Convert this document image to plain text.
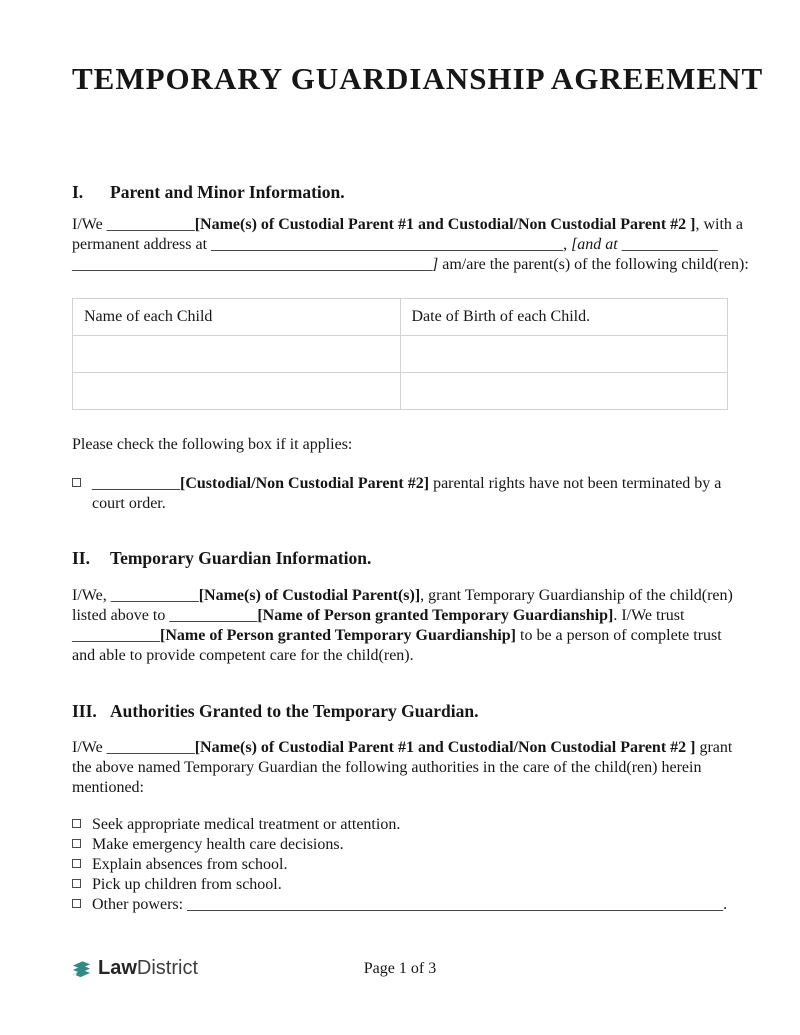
TEMPORARY GUARDIANSHIP AGREEMENT
I.	Parent and Minor Information.
I/We ___________[Name(s) of Custodial Parent #1 and Custodial/Non Custodial Parent #2 ], with a
permanent address at ____________________________________________, [and at ____________
_____________________________________________] am/are the parent(s) of the following child(ren):
Name of each Child	Date of Birth of each Child.

Please check the following box if it applies:
___________[Custodial/Non Custodial Parent #2] parental rights have not been terminated by a
court order.
II.	Temporary Guardian Information.
I/We, ___________[Name(s) of Custodial Parent(s)], grant Temporary Guardianship of the child(ren)
listed above to ___________[Name of Person granted Temporary Guardianship]. I/We trust
___________[Name of Person granted Temporary Guardianship] to be a person of complete trust
and able to provide competent care for the child(ren).
III. Authorities Granted to the Temporary Guardian.
I/We ___________[Name(s) of Custodial Parent #1 and Custodial/Non Custodial Parent #2 ] grant
the above named Temporary Guardian the following authorities in the care of the child(ren) herein
mentioned:
Seek appropriate medical treatment or attention.
Make emergency health care decisions.
Explain absences from school.
Pick up children from school.
Other powers: ___________________________________________________________________.
Law District	Page 1 of 3
